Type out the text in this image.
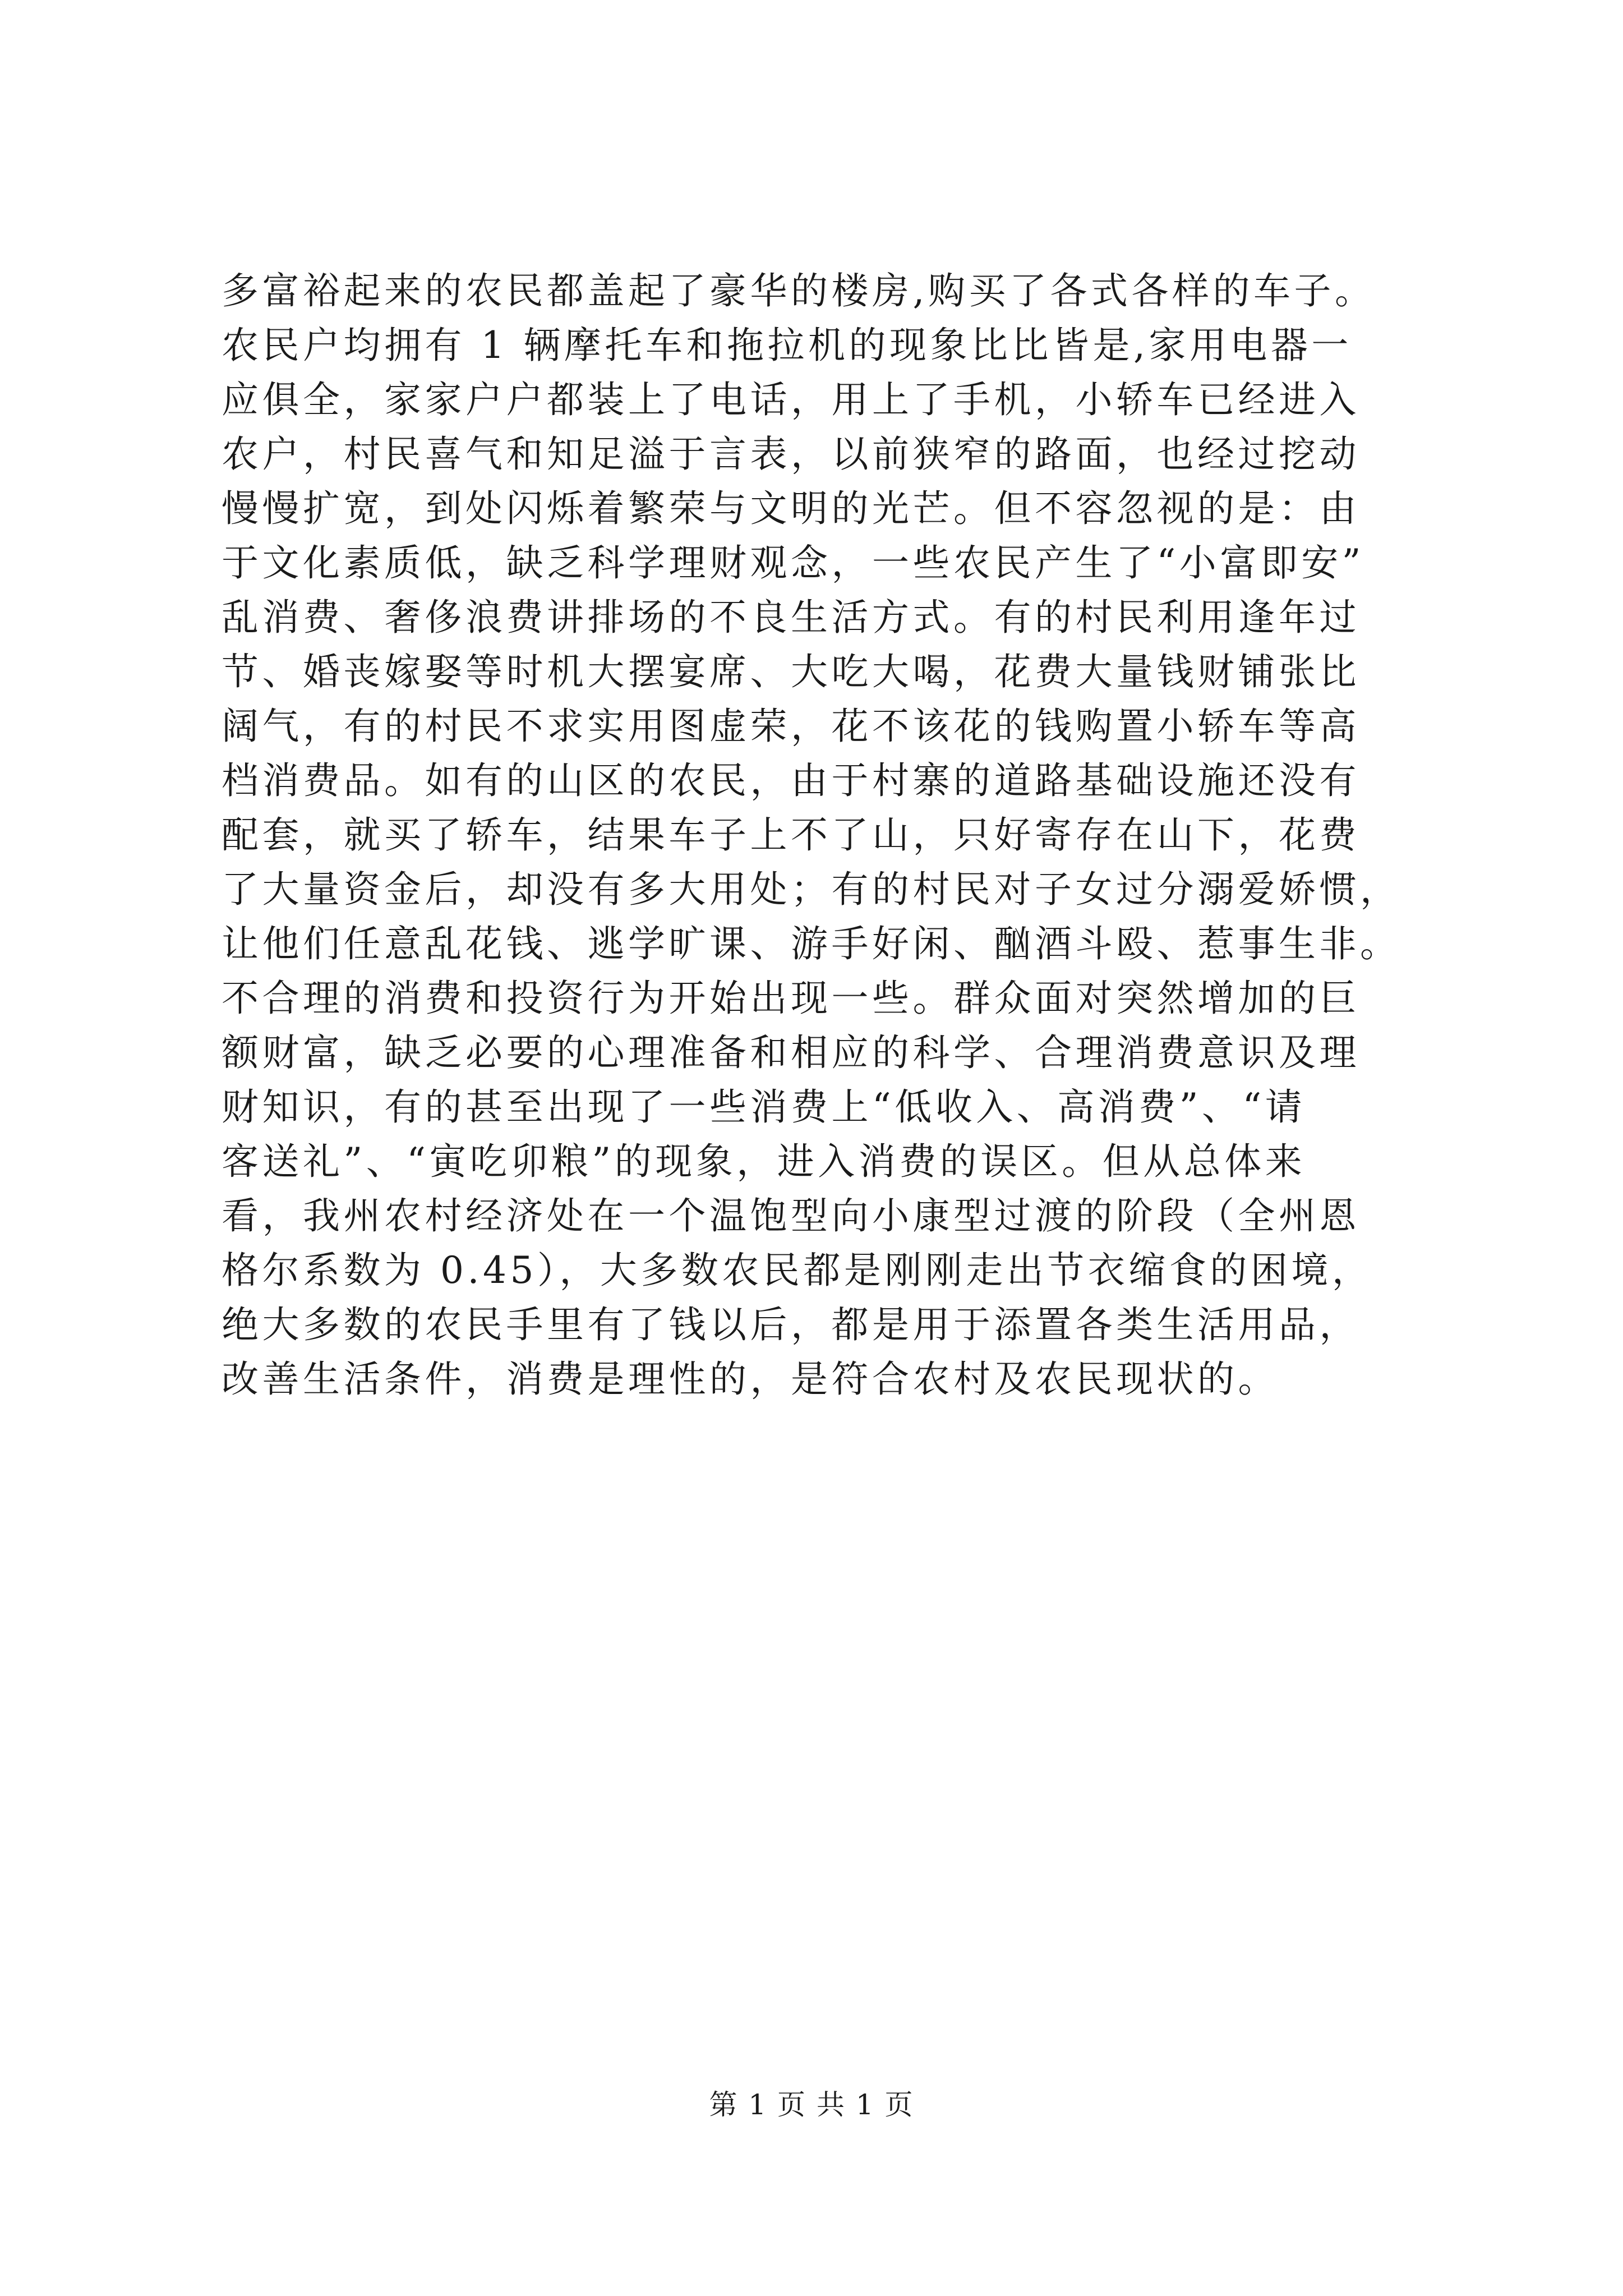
多富裕起来的农民都盖起了豪华的楼房,购买了各式各样的车子。
农民户均拥有 1 辆摩托车和拖拉机的现象比比皆是,家用电器一
应俱全，家家户户都装上了电话，用上了手机，小轿车已经进入
农户，村民喜气和知足溢于言表，以前狭窄的路面，也经过挖动
慢慢扩宽，到处闪烁着繁荣与文明的光芒。但不容忽视的是：由
于文化素质低，缺乏科学理财观念，一些农民产生了“小富即安”
乱消费、奢侈浪费讲排场的不良生活方式。有的村民利用逢年过
节、婚丧嫁娶等时机大摆宴席、大吃大喝，花费大量钱财铺张比
阔气，有的村民不求实用图虚荣，花不该花的钱购置小轿车等高
档消费品。如有的山区的农民，由于村寨的道路基础设施还没有
配套，就买了轿车，结果车子上不了山，只好寄存在山下，花费
了大量资金后，却没有多大用处；有的村民对子女过分溺爱娇惯，
让他们任意乱花钱、逃学旷课、游手好闲、酗酒斗殴、惹事生非。
不合理的消费和投资行为开始出现一些。群众面对突然增加的巨
额财富，缺乏必要的心理准备和相应的科学、合理消费意识及理
财知识，有的甚至出现了一些消费上“低收入、高消费”、“请
客送礼”、“寅吃卯粮”的现象，进入消费的误区。但从总体来
看，我州农村经济处在一个温饱型向小康型过渡的阶段（全州恩
格尔系数为 0.45），大多数农民都是刚刚走出节衣缩食的困境，
绝大多数的农民手里有了钱以后，都是用于添置各类生活用品，
改善生活条件，消费是理性的，是符合农村及农民现状的。
第 1 页 共 1 页
